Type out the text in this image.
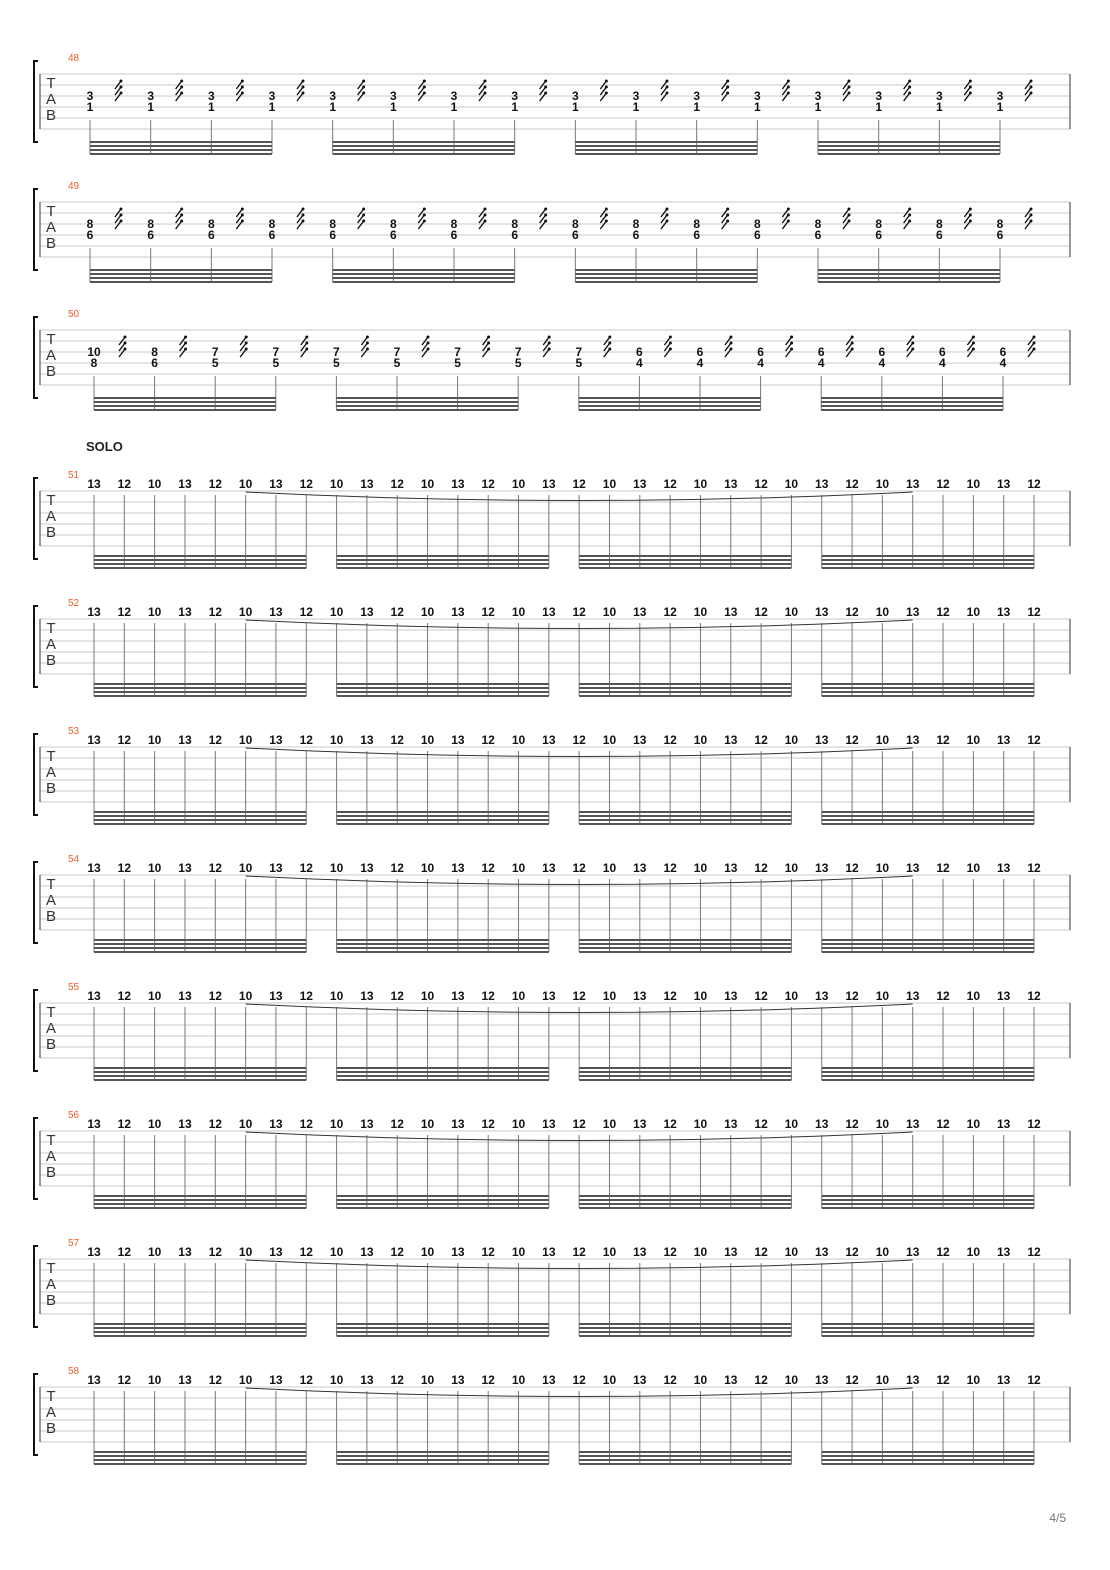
T
A
B
48
3
1
3
1
3
1
3
1
3
1
3
1
3
1
3
1
3
1
3
1
3
1
3
1
3
1
3
1
3
1
3
1
T
A
B
49
8
6
8
6
8
6
8
6
8
6
8
6
8
6
8
6
8
6
8
6
8
6
8
6
8
6
8
6
8
6
8
6
T
A
B
50
10
8
8
6
7
5
7
5
7
5
7
5
7
5
7
5
7
5
6
4
6
4
6
4
6
4
6
4
6
4
6
4
T
A
B
51
13 12 10 13 12 10 13 12 10 13 12 10 13 12 10 13 12 10 13 12 10 13 12 10 13 12 10 13 12 10 13 12
T
A
B
52
13 12 10 13 12 10 13 12 10 13 12 10 13 12 10 13 12 10 13 12 10 13 12 10 13 12 10 13 12 10 13 12
T
A
B
53
13 12 10 13 12 10 13 12 10 13 12 10 13 12 10 13 12 10 13 12 10 13 12 10 13 12 10 13 12 10 13 12
T
A
B
54
13 12 10 13 12 10 13 12 10 13 12 10 13 12 10 13 12 10 13 12 10 13 12 10 13 12 10 13 12 10 13 12
T
A
B
55
13 12 10 13 12 10 13 12 10 13 12 10 13 12 10 13 12 10 13 12 10 13 12 10 13 12 10 13 12 10 13 12
T
A
B
56
13 12 10 13 12 10 13 12 10 13 12 10 13 12 10 13 12 10 13 12 10 13 12 10 13 12 10 13 12 10 13 12
T
A
B
57
13 12 10 13 12 10 13 12 10 13 12 10 13 12 10 13 12 10 13 12 10 13 12 10 13 12 10 13 12 10 13 12
T
A
B
58
13 12 10 13 12 10 13 12 10 13 12 10 13 12 10 13 12 10 13 12 10 13 12 10 13 12 10 13 12 10 13 12
SOLO
4/5
